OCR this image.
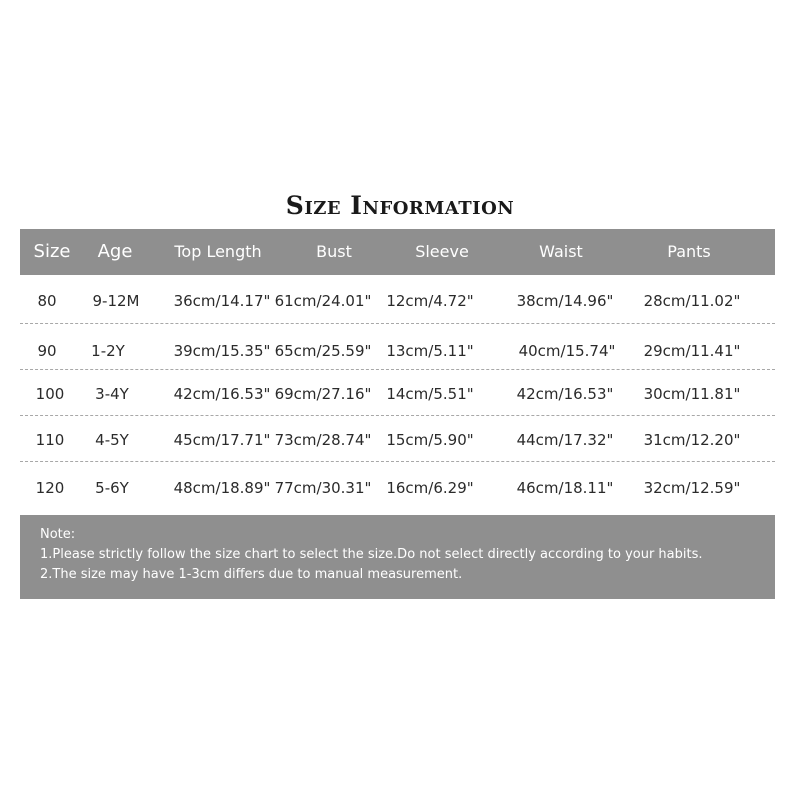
Size Information
Size Age	Top Length	Bust	Sleeve	Waist	Pants
80 9-12M 36cm/14.17" 61cm/24.01" 12cm/4.72"	38cm/14.96" 28cm/11.02"
90 1-2Y	39cm/15.35" 65cm/25.59" 13cm/5.11"	40cm/15.74" 29cm/11.41"
100 3-4Y	42cm/16.53" 69cm/27.16" 14cm/5.51"	42cm/16.53" 30cm/11.81"
110 4-5Y	45cm/17.71" 73cm/28.74" 15cm/5.90"	44cm/17.32" 31cm/12.20"
120 5-6Y	48cm/18.89" 77cm/30.31" 16cm/6.29"	46cm/18.11" 32cm/12.59"
Note:
1.Please strictly follow the size chart to select the size.Do not select directly according to your habits.
2.The size may have 1-3cm differs due to manual measurement.
